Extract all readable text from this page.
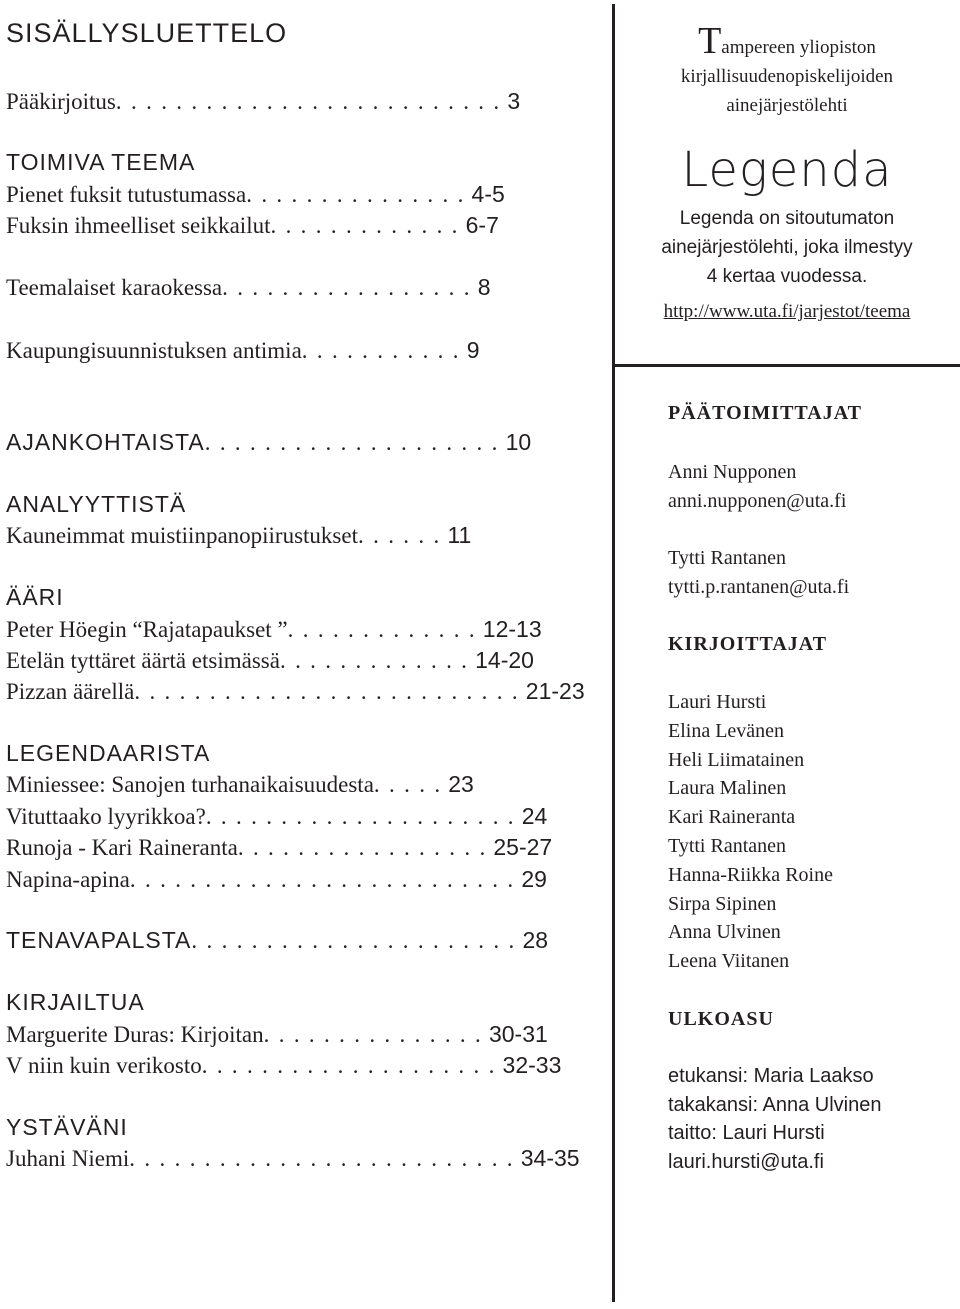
SISÄLLYSLUETTELO
Pääkirjoitus. . . . . . . . . . . . . . . . . . . . . . . . . . 3
TOIMIVA TEEMA
Pienet fuksit tutustumassa. . . . . . . . . . . . . . . 4-5
Fuksin ihmeelliset seikkailut. . . . . . . . . . . . . 6-7
Teemalaiset karaokessa. . . . . . . . . . . . . . . . . 8
Kaupungisuunnistuksen antimia. . . . . . . . . . . 9
AJANKOHTAISTA. . . . . . . . . . . . . . . . . . . . 10
ANALYYTTISTÄ
Kauneimmat muistiinpanopiirustukset. . . . . . 11
ÄÄRI
Peter Höegin “Rajatapaukset ”. . . . . . . . . . . . . 12-13
Etelän tyttäret äärtä etsimässä. . . . . . . . . . . . . 14-20
Pizzan äärellä. . . . . . . . . . . . . . . . . . . . . . . . . . 21-23
LEGENDAARISTA
Miniessee: Sanojen turhanaikaisuudesta. . . . . 23
Vituttaako lyyrikkoa?. . . . . . . . . . . . . . . . . . . . . 24
Runoja - Kari Raineranta. . . . . . . . . . . . . . . . . 25-27
Napina-apina. . . . . . . . . . . . . . . . . . . . . . . . . . 29
TENAVAPALSTA. . . . . . . . . . . . . . . . . . . . . . 28
KIRJAILTUA
Marguerite Duras: Kirjoitan. . . . . . . . . . . . . . . 30-31
V niin kuin verikosto. . . . . . . . . . . . . . . . . . . . 32-33
YSTÄVÄNI
Juhani Niemi. . . . . . . . . . . . . . . . . . . . . . . . . . 34-35
Tampereen yliopiston
kirjallisuudenopiskelijoiden
ainejärjestölehti
Legenda
Legenda on sitoutumaton
ainejärjestölehti, joka ilmestyy
4 kertaa vuodessa.
http://www.uta.fi/jarjestot/teema
PÄÄTOIMITTAJAT
Anni Nupponen
anni.nupponen@uta.fi
Tytti Rantanen
tytti.p.rantanen@uta.fi
KIRJOITTAJAT
Lauri Hursti
Elina Levänen
Heli Liimatainen
Laura Malinen
Kari Raineranta
Tytti Rantanen
Hanna-Riikka Roine
Sirpa Sipinen
Anna Ulvinen
Leena Viitanen
ULKOASU
etukansi: Maria Laakso
takakansi: Anna Ulvinen
taitto: Lauri Hursti
lauri.hursti@uta.fi
